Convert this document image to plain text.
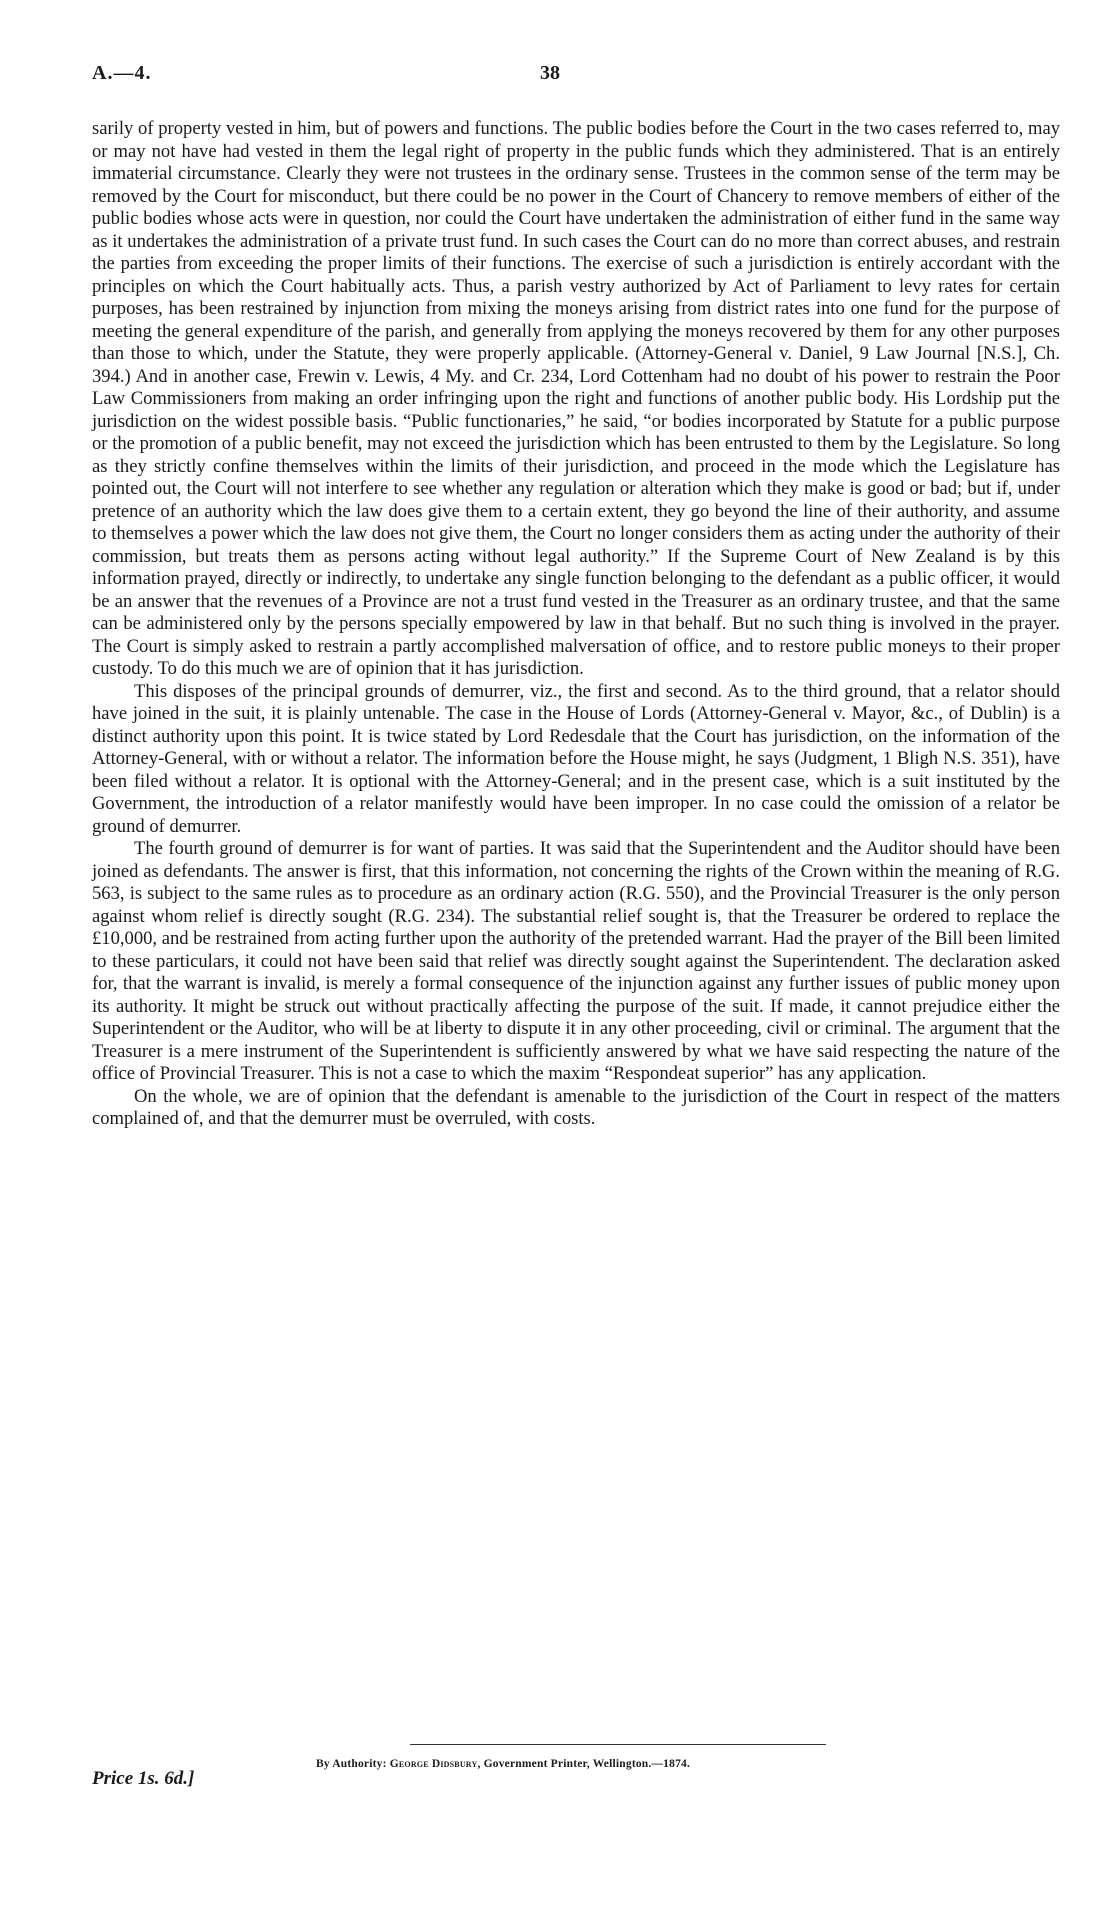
A.—4.	38

sarily of property vested in him, but of powers and functions. The public bodies before the Court in the two cases referred to, may or may not have had vested in them the legal right of property in the public funds which they administered. That is an entirely immaterial circumstance. Clearly they were not trustees in the ordinary sense. Trustees in the common sense of the term may be removed by the Court for misconduct, but there could be no power in the Court of Chancery to remove members of either of the public bodies whose acts were in question, nor could the Court have undertaken the administration of either fund in the same way as it undertakes the administration of a private trust fund. In such cases the Court can do no more than correct abuses, and restrain the parties from exceeding the proper limits of their functions. The exercise of such a jurisdiction is entirely accordant with the principles on which the Court habitually acts. Thus, a parish vestry authorized by Act of Parliament to levy rates for certain purposes, has been restrained by injunction from mixing the moneys arising from district rates into one fund for the purpose of meeting the general expenditure of the parish, and generally from applying the moneys recovered by them for any other purposes than those to which, under the Statute, they were properly applicable. (Attorney-General v. Daniel, 9 Law Journal [N.S.], Ch. 394.) And in another case, Frewin v. Lewis, 4 My. and Cr. 234, Lord Cottenham had no doubt of his power to restrain the Poor Law Commissioners from making an order infringing upon the right and functions of another public body. His Lordship put the jurisdiction on the widest possible basis. “Public functionaries,” he said, “or bodies incorporated by Statute for a public purpose or the promotion of a public benefit, may not exceed the jurisdiction which has been entrusted to them by the Legislature. So long as they strictly confine themselves within the limits of their jurisdiction, and proceed in the mode which the Legislature has pointed out, the Court will not interfere to see whether any regulation or alteration which they make is good or bad; but if, under pretence of an authority which the law does give them to a certain extent, they go beyond the line of their authority, and assume to themselves a power which the law does not give them, the Court no longer considers them as acting under the authority of their commission, but treats them as persons acting without legal authority.” If the Supreme Court of New Zealand is by this information prayed, directly or indirectly, to undertake any single function belonging to the defendant as a public officer, it would be an answer that the revenues of a Province are not a trust fund vested in the Treasurer as an ordinary trustee, and that the same can be administered only by the persons specially empowered by law in that behalf. But no such thing is involved in the prayer. The Court is simply asked to restrain a partly accomplished malversation of office, and to restore public moneys to their proper custody. To do this much we are of opinion that it has jurisdiction.

This disposes of the principal grounds of demurrer, viz., the first and second. As to the third ground, that a relator should have joined in the suit, it is plainly untenable. The case in the House of Lords (Attorney-General v. Mayor, &c., of Dublin) is a distinct authority upon this point. It is twice stated by Lord Redesdale that the Court has jurisdiction, on the information of the Attorney-General, with or without a relator. The information before the House might, he says (Judgment, 1 Bligh N.S. 351), have been filed without a relator. It is optional with the Attorney-General; and in the present case, which is a suit instituted by the Government, the introduction of a relator manifestly would have been improper. In no case could the omission of a relator be ground of demurrer.

The fourth ground of demurrer is for want of parties. It was said that the Superintendent and the Auditor should have been joined as defendants. The answer is first, that this information, not concerning the rights of the Crown within the meaning of R.G. 563, is subject to the same rules as to procedure as an ordinary action (R.G. 550), and the Provincial Treasurer is the only person against whom relief is directly sought (R.G. 234). The substantial relief sought is, that the Treasurer be ordered to replace the £10,000, and be restrained from acting further upon the authority of the pretended warrant. Had the prayer of the Bill been limited to these particulars, it could not have been said that relief was directly sought against the Superintendent. The declaration asked for, that the warrant is invalid, is merely a formal consequence of the injunction against any further issues of public money upon its authority. It might be struck out without practically affecting the purpose of the suit. If made, it cannot prejudice either the Superintendent or the Auditor, who will be at liberty to dispute it in any other proceeding, civil or criminal. The argument that the Treasurer is a mere instrument of the Superintendent is sufficiently answered by what we have said respecting the nature of the office of Provincial Treasurer. This is not a case to which the maxim “Respondeat superior” has any application.

On the whole, we are of opinion that the defendant is amenable to the jurisdiction of the Court in respect of the matters complained of, and that the demurrer must be overruled, with costs.

By Authority: George Didsbury, Government Printer, Wellington.—1874.
Price 1s. 6d.]
